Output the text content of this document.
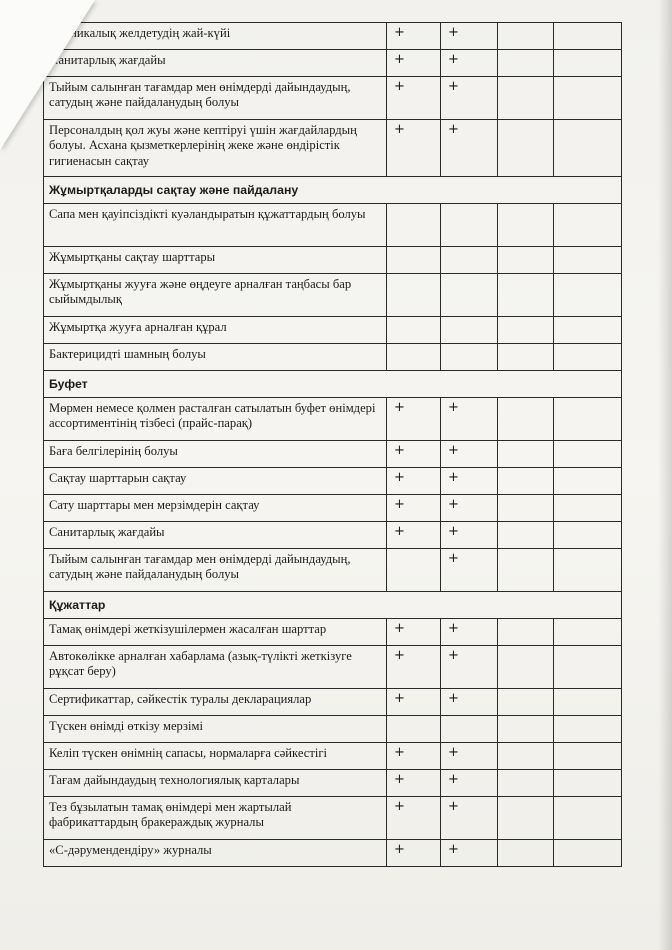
...ханикалық желдетудің жай-күйі	+	+		
...анитарлық жағдайы	+	+		
Тыйым салынған тағамдар мен өнімдерді дайындаудың, сатудың және пайдаланудың болуы	+	+		
Персоналдың қол жуы және кептіруі үшін жағдайлардың болуы. Асхана қызметкерлерінің жеке және өндірістік гигиенасын сақтау	+	+		
Жұмыртқаларды сақтау және пайдалану				
Сапа мен қауіпсіздікті куәландыратын құжаттардың болуы				
Жұмыртқаны сақтау шарттары				
Жұмыртқаны жууға және өңдеуге арналған таңбасы бар сыйымдылық				
Жұмыртқа жууға арналған құрал				
Бактерицидті шамның болуы				
Буфет				
Мөрмен немесе қолмен расталған сатылатын буфет өнімдері ассортиментінің тізбесі (прайс-парақ)	+	+		
Баға белгілерінің болуы	+	+		
Сақтау шарттарын сақтау	+	+		
Сату шарттары мен мерзімдерін сақтау	+	+		
Санитарлық жағдайы	+	+		
Тыйым салынған тағамдар мен өнімдерді дайындаудың, сатудың және пайдаланудың болуы		+		
Құжаттар				
Тамақ өнімдері жеткізушілермен жасалған шарттар	+	+		
Автокөлікке арналған хабарлама (азық-түлікті жеткізуге рұқсат беру)	+	+		
Сертификаттар, сәйкестік туралы декларациялар	+	+		
Түскен өнімді өткізу мерзімі				
Келіп түскен өнімнің сапасы, нормаларға сәйкестігі	+	+		
Тағам дайындаудың технологиялық карталары	+	+		
Тез бұзылатын тамақ өнімдері мен жартылай фабрикаттардың бракераждық журналы	+	+		
«С-дәрумендендіру» журналы	+	+		
